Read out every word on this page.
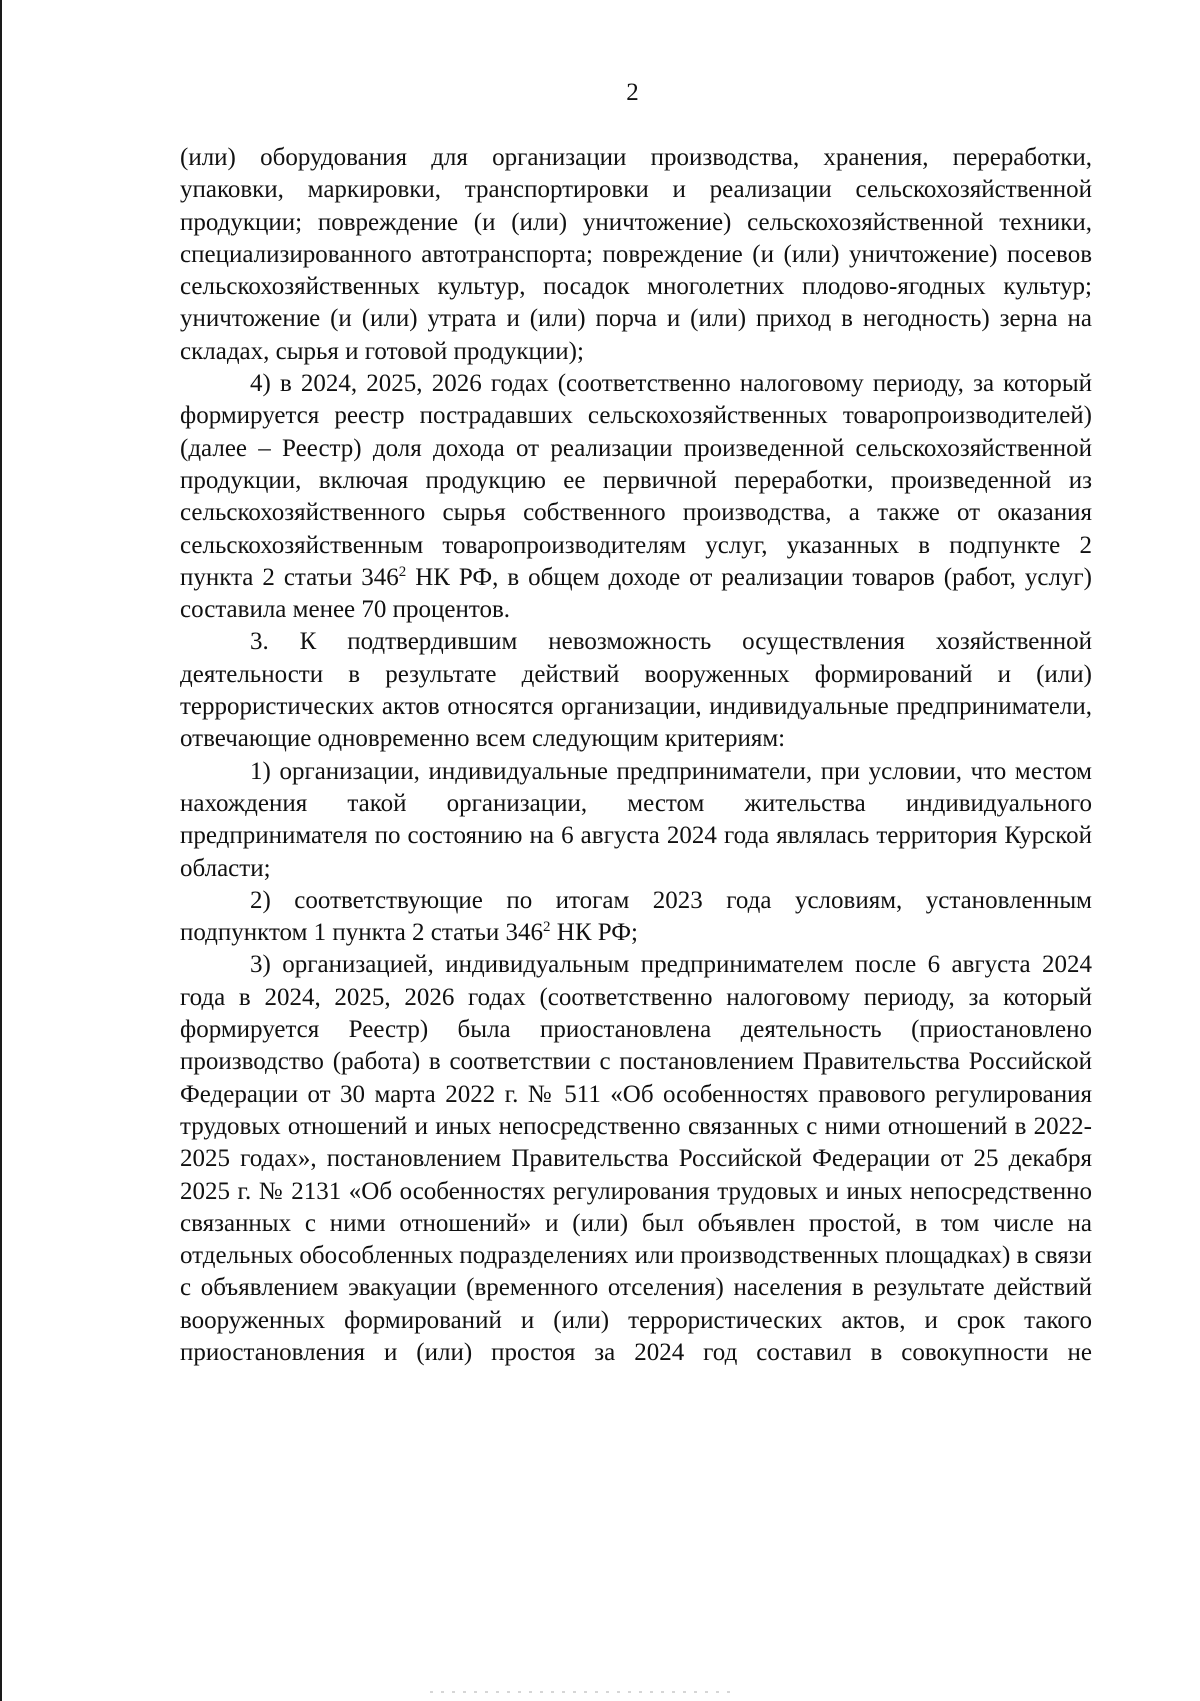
2

(или) оборудования для организации производства, хранения, переработки, упаковки, маркировки, транспортировки и реализации сельскохозяйственной продукции; повреждение (и (или) уничтожение) сельскохозяйственной техники, специализированного автотранспорта; повреждение (и (или) уничтожение) посевов сельскохозяйственных культур, посадок многолетних плодово-ягодных культур; уничтожение (и (или) утрата и (или) порча и (или) приход в негодность) зерна на складах, сырья и готовой продукции);

4) в 2024, 2025, 2026 годах (соответственно налоговому периоду, за который формируется реестр пострадавших сельскохозяйственных товаропроизводителей) (далее – Реестр) доля дохода от реализации произведенной сельскохозяйственной продукции, включая продукцию ее первичной переработки, произведенной из сельскохозяйственного сырья собственного производства, а также от оказания сельскохозяйственным товаропроизводителям услуг, указанных в подпункте 2 пункта 2 статьи $346^2$ НК РФ, в общем доходе от реализации товаров (работ, услуг) составила менее 70 процентов.

3. К подтвердившим невозможность осуществления хозяйственной деятельности в результате действий вооруженных формирований и (или) террористических актов относятся организации, индивидуальные предприниматели, отвечающие одновременно всем следующим критериям:

1) организации, индивидуальные предприниматели, при условии, что местом нахождения такой организации, местом жительства индивидуального предпринимателя по состоянию на 6 августа 2024 года являлась территория Курской области;

2) соответствующие по итогам 2023 года условиям, установленным подпунктом 1 пункта 2 статьи $346^2$ НК РФ;

3) организацией, индивидуальным предпринимателем после 6 августа 2024 года в 2024, 2025, 2026 годах (соответственно налоговому периоду, за который формируется Реестр) была приостановлена деятельность (приостановлено производство (работа) в соответствии с постановлением Правительства Российской Федерации от 30 марта 2022 г. № 511 «Об особенностях правового регулирования трудовых отношений и иных непосредственно связанных с ними отношений в 2022-2025 годах», постановлением Правительства Российской Федерации от 25 декабря 2025 г. № 2131 «Об особенностях регулирования трудовых и иных непосредственно связанных с ними отношений» и (или) был объявлен простой, в том числе на отдельных обособленных подразделениях или производственных площадках) в связи с объявлением эвакуации (временного отселения) населения в результате действий вооруженных формирований и (или) террористических актов, и срок такого приостановления и (или) простоя за 2024 год составил в совокупности не
